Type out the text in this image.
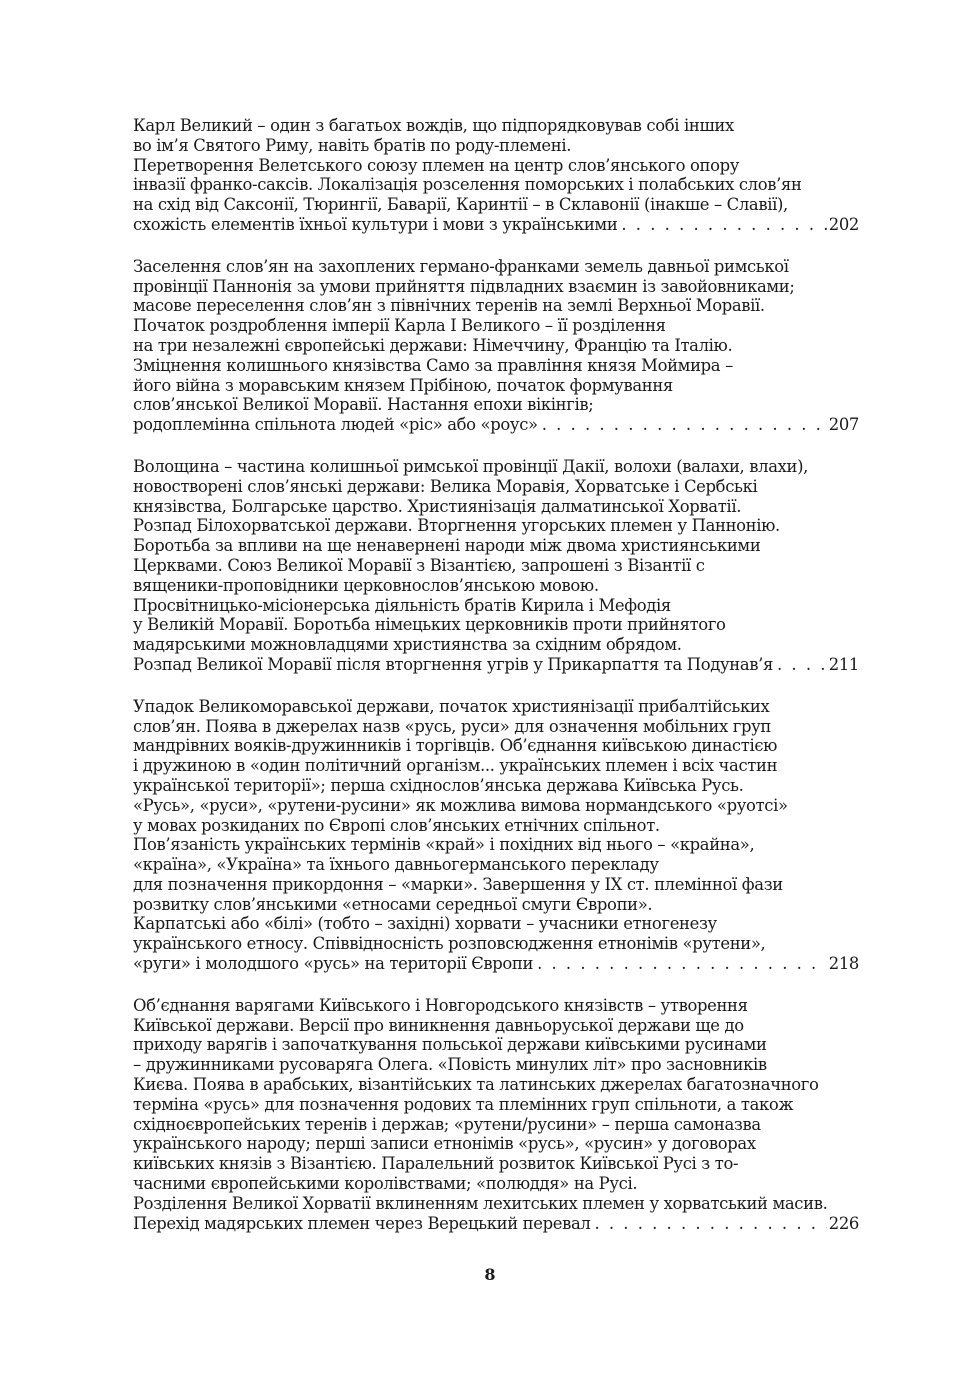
Карл Великий – один з багатьох вождів, що підпорядковував собі інших
во ім’я Святого Риму, навіть братів по роду-племені.
Перетворення Велетського союзу племен на центр слов’янського опору
інвазії франко-саксів. Локалізація розселення поморських і полабських слов’ян
на схід від Саксонії, Тюрингії, Баварії, Каринтії – в Склавонії (інакше – Славії),
схожість елементів їхньої культури і мови з українськими . . .	202
Заселення слов’ян на захоплених германо-франками земель давньої римської
провінції Паннонія за умови прийняття підвладних взаємин із завойовниками;
масове переселення слов’ян з північних теренів на землі Верхньої Моравії.
Початок роздроблення імперії Карла І Великого – її розділення
на три незалежні європейські держави: Німеччину, Францію та Італію.
Зміцнення колишнього князівства Само за правління князя Моймира –
його війна з моравським князем Прібіною, початок формування
слов’янської Великої Моравії. Настання епохи вікінгів;
родоплемінна спільнота людей «ріс» або «роус» . . .	207
Волощина – частина колишньої римської провінції Дакії, волохи (валахи, влахи),
новостворені слов’янські держави: Велика Моравія, Хорватське і Сербські
князівства, Болгарське царство. Християнізація далматинської Хорватії.
Розпад Білохорватської держави. Вторгнення угорських племен у Паннонію.
Боротьба за впливи на ще ненавернені народи між двома християнськими
Церквами. Союз Великої Моравії з Візантією, запрошені з Візантії с
вященики-проповідники церковнослов’янською мовою.
Просвітницько-місіонерська діяльність братів Кирила і Мефодія
у Великій Моравії. Боротьба німецьких церковників проти прийнятого
мадярськими можновладцями християнства за східним обрядом.
Розпад Великої Моравії після вторгнення угрів у Прикарпаття та Подунав’я . . .	211
Упадок Великоморавської держави, початок християнізації прибалтійських
слов’ян. Поява в джерелах назв «русь, руси» для означення мобільних груп
мандрівних вояків-дружинників і торгівців. Об’єднання київською династією
і дружиною в «один політичний організм... українських племен і всіх частин
української території»; перша східнослов’янська держава Київська Русь.
«Русь», «руси», «рутени-русини» як можлива вимова нормандського «руотсі»
у мовах розкиданих по Європі слов’янських етнічних спільнот.
Пов’язаність українських термінів «край» і похідних від нього – «крайна»,
«країна», «Україна» та їхнього давньогерманського перекладу
для позначення прикордоння – «марки». Завершення у ІХ ст. племінної фази
розвитку слов’янськими «етносами середньої смуги Європи».
Карпатські або «білі» (тобто – західні) хорвати – учасники етногенезу
українського етносу. Співвідносність розповсюдження етнонімів «рутени»,
«руги» і молодшого «русь» на території Європи . . .	218
Об’єднання варягами Київського і Новгородського князівств – утворення
Київської держави. Версії про виникнення давньоруської держави ще до
приходу варягів і започаткування польської держави київськими русинами
– дружинниками русоваряга Олега. «Повість минулих літ» про засновників
Києва. Поява в арабських, візантійських та латинських джерелах багатозначного
терміна «русь» для позначення родових та племінних груп спільноти, а також
східноєвропейських теренів і держав; «рутени/русини» – перша самоназва
українського народу; перші записи етнонімів «русь», «русин» у договорах
київських князів з Візантією. Паралельний розвиток Київської Русі з то-
часними європейськими королівствами; «полюддя» на Русі.
Розділення Великої Хорватії вклиненням лехитських племен у хорватський масив.
Перехід мадярських племен через Верецький перевал . . .	226
8
